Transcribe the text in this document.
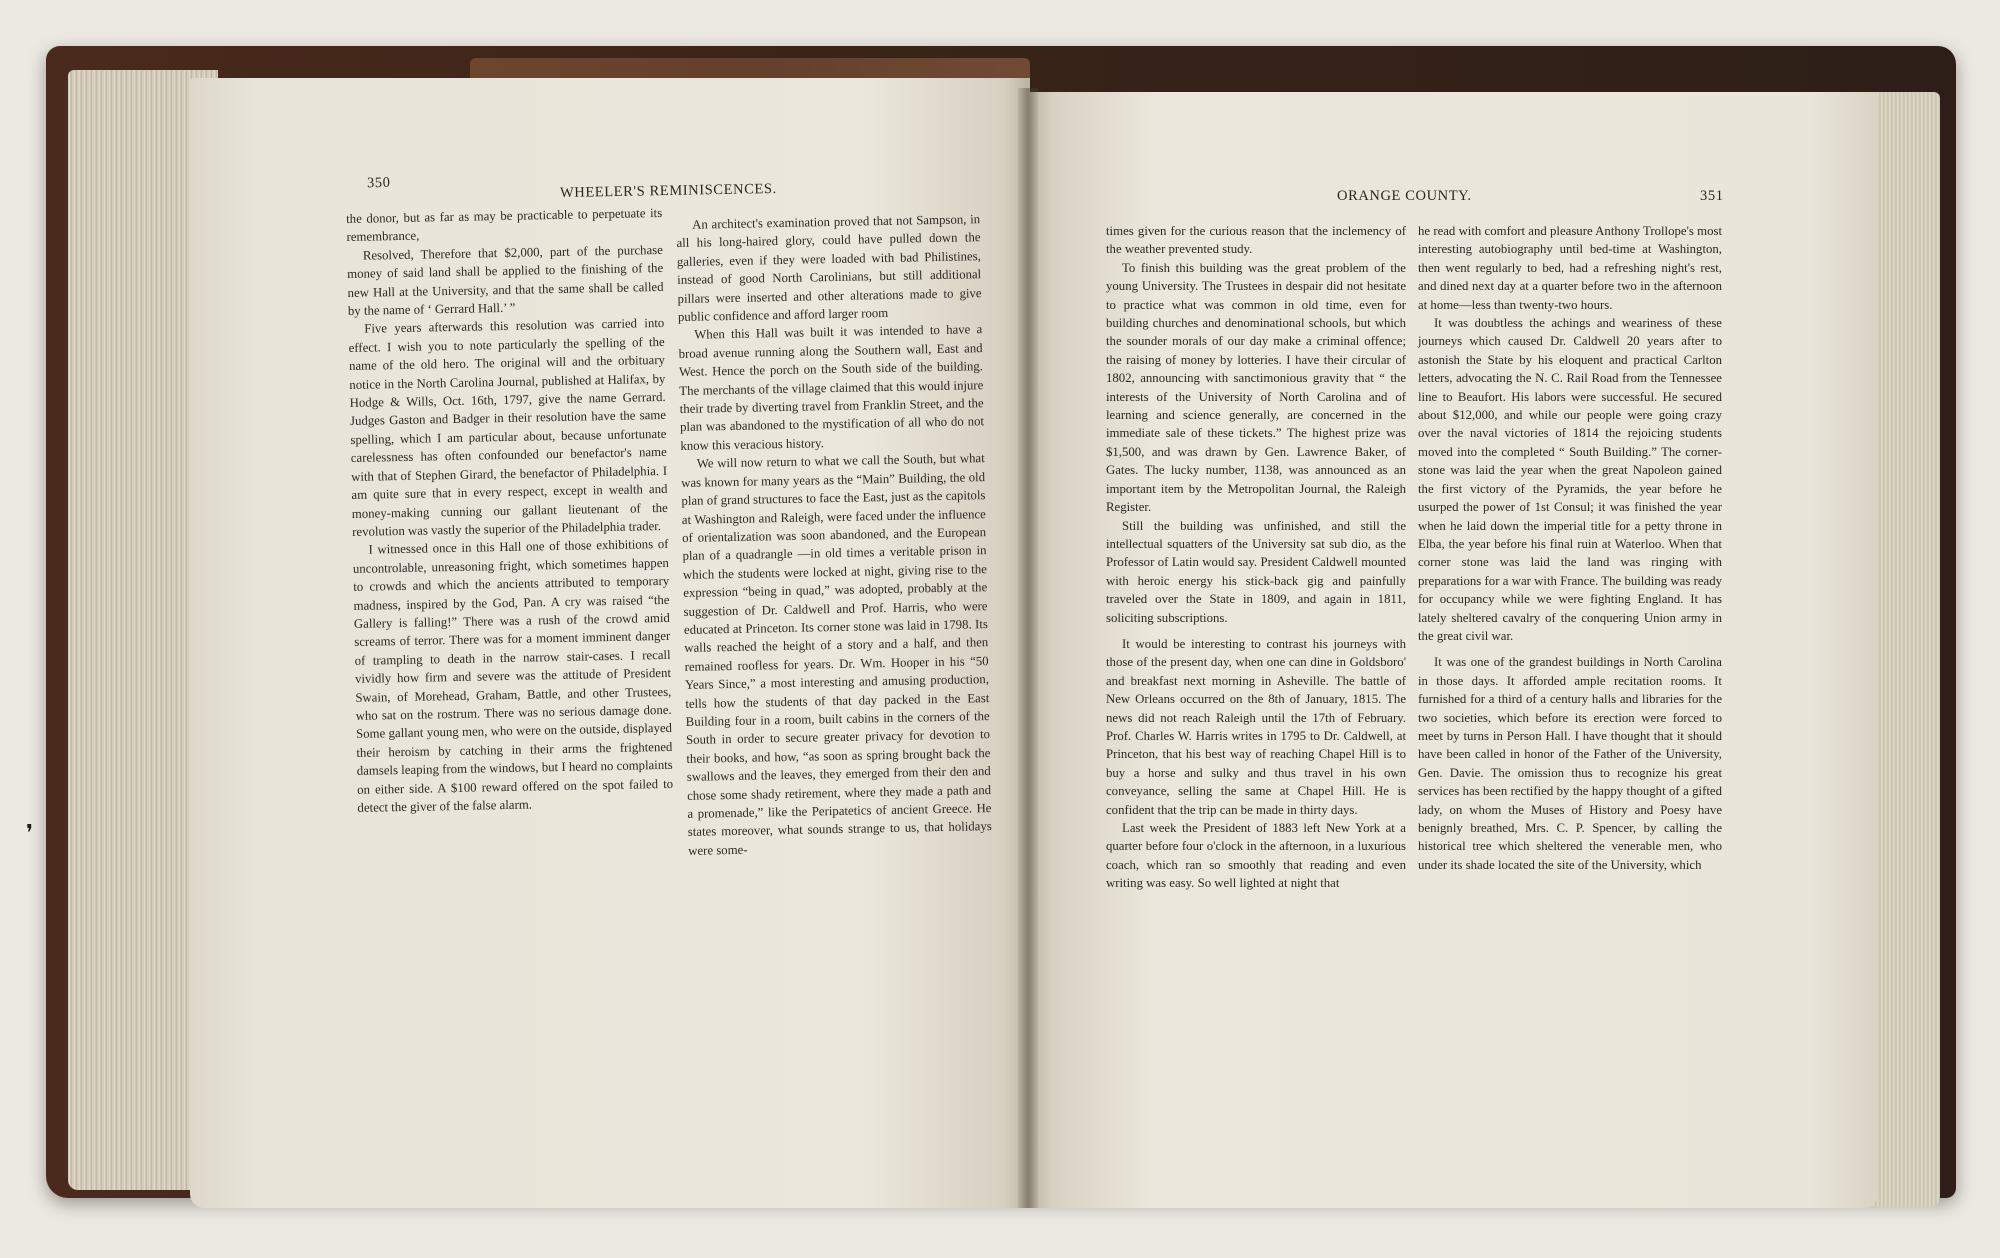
❜
350	WHEELER'S REMINISCENCES.	ORANGE COUNTY.	351

the donor, but as far as may be practicable to perpetuate its remembrance,

Resolved, Therefore that $2,000, part of the purchase money of said land shall be applied to the finishing of the new Hall at the University, and that the same shall be called by the name of ‘ Gerrard Hall.’ ”

Five years afterwards this resolution was carried into effect. I wish you to note particularly the spelling of the name of the old hero. The original will and the orbituary notice in the North Carolina Journal, published at Halifax, by Hodge & Wills, Oct. 16th, 1797, give the name Gerrard. Judges Gaston and Badger in their resolution have the same spelling, which I am particular about, because unfortunate carelessness has often confounded our benefactor's name with that of Stephen Girard, the benefactor of Philadelphia. I am quite sure that in every respect, except in wealth and money-making cunning our gallant lieutenant of the revolution was vastly the superior of the Philadelphia trader.

I witnessed once in this Hall one of those exhibitions of uncontrolable, unreasoning fright, which sometimes happen to crowds and which the ancients attributed to temporary madness, inspired by the God, Pan. A cry was raised “the Gallery is falling!” There was a rush of the crowd amid screams of terror. There was for a moment imminent danger of trampling to death in the narrow stair-cases. I recall vividly how firm and severe was the attitude of President Swain, of Morehead, Graham, Battle, and other Trustees, who sat on the rostrum. There was no serious damage done. Some gallant young men, who were on the outside, displayed their heroism by catching in their arms the frightened damsels leaping from the windows, but I heard no complaints on either side. A $100 reward offered on the spot failed to detect the giver of the false alarm.

An architect's examination proved that not Sampson, in all his long-haired glory, could have pulled down the galleries, even if they were loaded with bad Philistines, instead of good North Carolinians, but still additional pillars were inserted and other alterations made to give public confidence and afford larger room

When this Hall was built it was intended to have a broad avenue running along the Southern wall, East and West. Hence the porch on the South side of the building. The merchants of the village claimed that this would injure their trade by diverting travel from Franklin Street, and the plan was abandoned to the mystification of all who do not know this veracious history.

We will now return to what we call the South, but what was known for many years as the “Main” Building, the old plan of grand structures to face the East, just as the capitols at Washington and Raleigh, were faced under the influence of orientalization was soon abandoned, and the European plan of a quadrangle —in old times a veritable prison in which the students were locked at night, giving rise to the expression “being in quad,” was adopted, probably at the suggestion of Dr. Caldwell and Prof. Harris, who were educated at Princeton. Its corner stone was laid in 1798. Its walls reached the height of a story and a half, and then remained roofless for years. Dr. Wm. Hooper in his “50 Years Since,” a most interesting and amusing production, tells how the students of that day packed in the East Building four in a room, built cabins in the corners of the South in order to secure greater privacy for devotion to their books, and how, “as soon as spring brought back the swallows and the leaves, they emerged from their den and chose some shady retirement, where they made a path and a promenade,” like the Peripatetics of ancient Greece. He states moreover, what sounds strange to us, that holidays were some-

times given for the curious reason that the inclemency of the weather prevented study.

To finish this building was the great problem of the young University. The Trustees in despair did not hesitate to practice what was common in old time, even for building churches and denominational schools, but which the sounder morals of our day make a criminal offence; the raising of money by lotteries. I have their circular of 1802, announcing with sanctimonious gravity that “ the interests of the University of North Carolina and of learning and science generally, are concerned in the immediate sale of these tickets.” The highest prize was $1,500, and was drawn by Gen. Lawrence Baker, of Gates. The lucky number, 1138, was announced as an important item by the Metropolitan Journal, the Raleigh Register.

Still the building was unfinished, and still the intellectual squatters of the University sat sub dio, as the Professor of Latin would say. President Caldwell mounted with heroic energy his stick-back gig and painfully traveled over the State in 1809, and again in 1811, soliciting subscriptions.

It would be interesting to contrast his journeys with those of the present day, when one can dine in Goldsboro' and breakfast next morning in Asheville. The battle of New Orleans occurred on the 8th of January, 1815. The news did not reach Raleigh until the 17th of February. Prof. Charles W. Harris writes in 1795 to Dr. Caldwell, at Princeton, that his best way of reaching Chapel Hill is to buy a horse and sulky and thus travel in his own conveyance, selling the same at Chapel Hill. He is confident that the trip can be made in thirty days.

Last week the President of 1883 left New York at a quarter before four o'clock in the afternoon, in a luxurious coach, which ran so smoothly that reading and even writing was easy. So well lighted at night that

he read with comfort and pleasure Anthony Trollope's most interesting autobiography until bed-time at Washington, then went regularly to bed, had a refreshing night's rest, and dined next day at a quarter before two in the afternoon at home—less than twenty-two hours.

It was doubtless the achings and weariness of these journeys which caused Dr. Caldwell 20 years after to astonish the State by his eloquent and practical Carlton letters, advocating the N. C. Rail Road from the Tennessee line to Beaufort. His labors were successful. He secured about $12,000, and while our people were going crazy over the naval victories of 1814 the rejoicing students moved into the completed “ South Building.” The corner-stone was laid the year when the great Napoleon gained the first victory of the Pyramids, the year before he usurped the power of 1st Consul; it was finished the year when he laid down the imperial title for a petty throne in Elba, the year before his final ruin at Waterloo. When that corner stone was laid the land was ringing with preparations for a war with France. The building was ready for occupancy while we were fighting England. It has lately sheltered cavalry of the conquering Union army in the great civil war.

It was one of the grandest buildings in North Carolina in those days. It afforded ample recitation rooms. It furnished for a third of a century halls and libraries for the two societies, which before its erection were forced to meet by turns in Person Hall. I have thought that it should have been called in honor of the Father of the University, Gen. Davie. The omission thus to recognize his great services has been rectified by the happy thought of a gifted lady, on whom the Muses of History and Poesy have benignly breathed, Mrs. C. P. Spencer, by calling the historical tree which sheltered the venerable men, who under its shade located the site of the University, which
